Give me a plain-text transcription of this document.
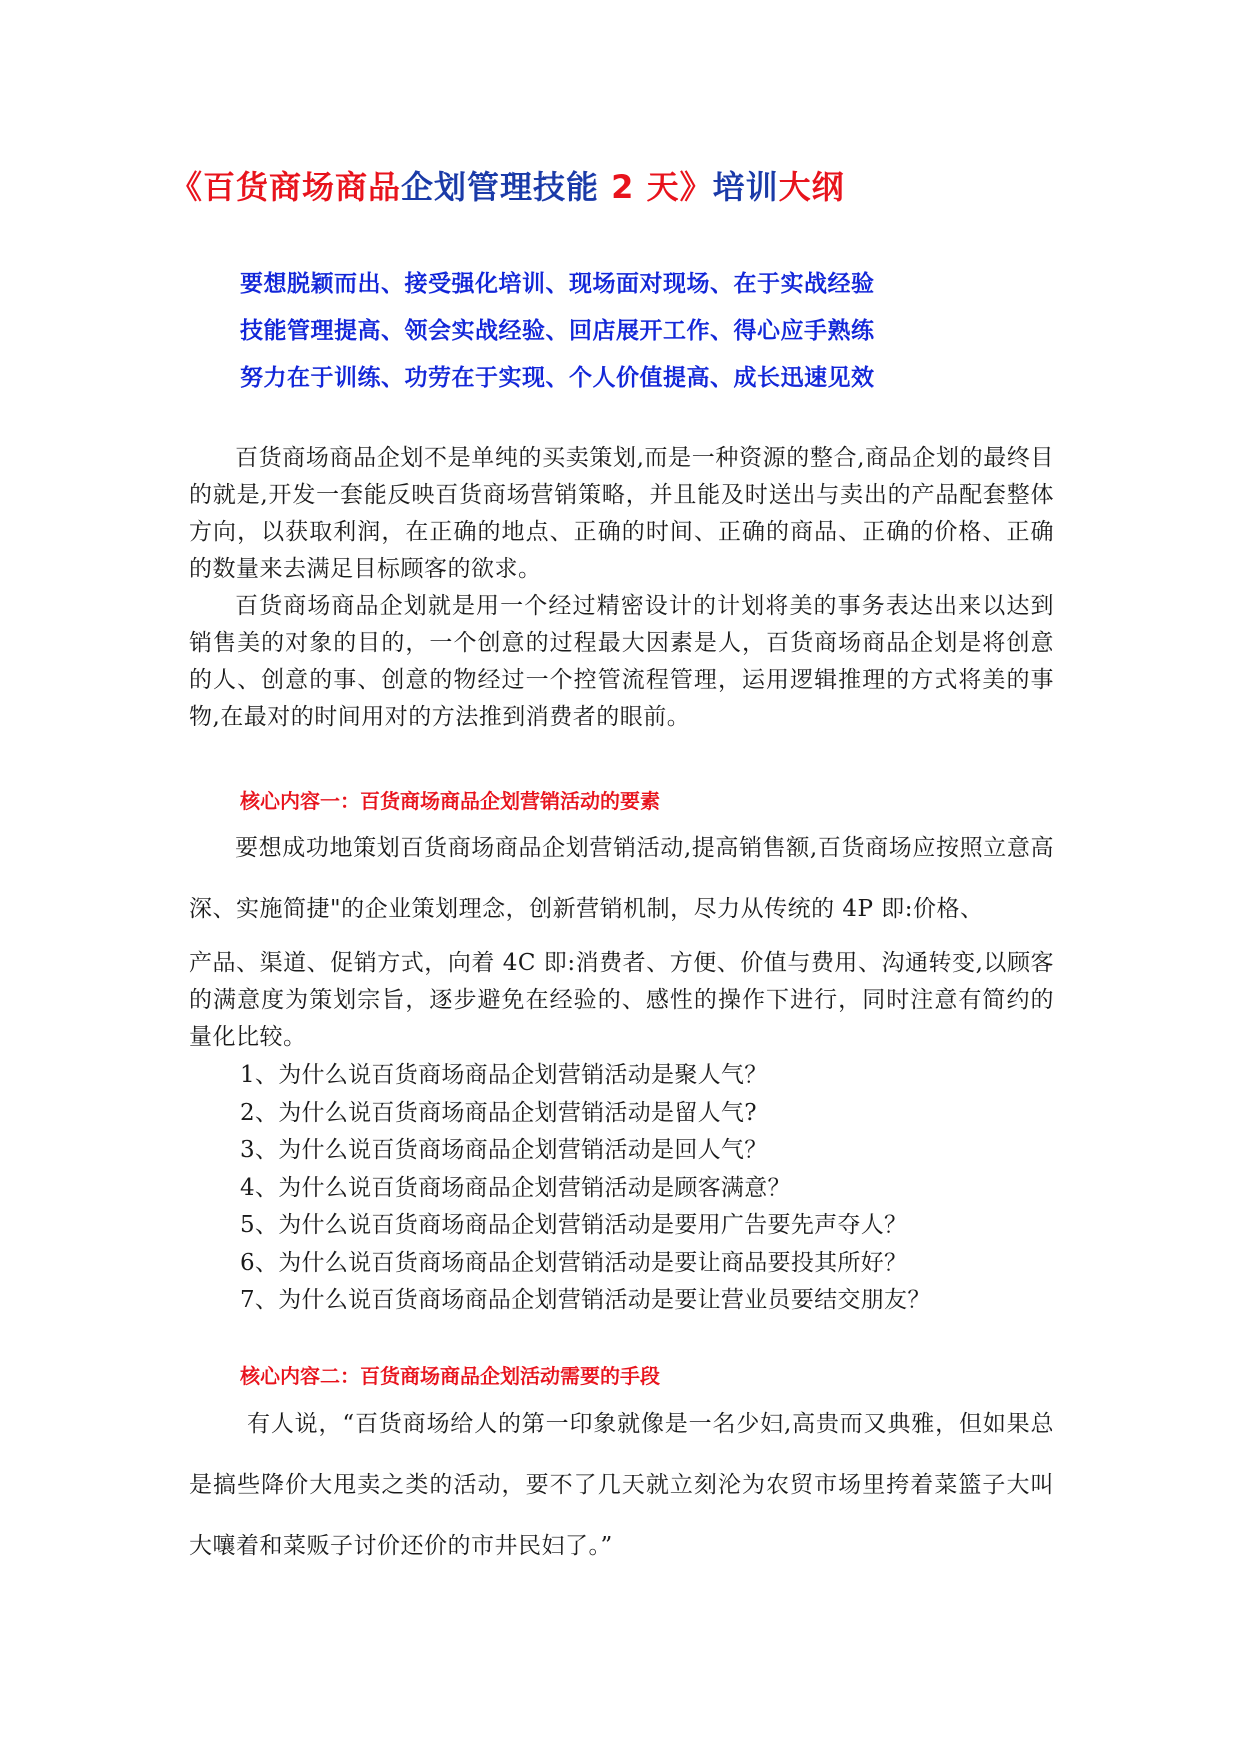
《百货商场商品企划管理技能 2 天》培训大纲
要想脱颖而出、接受强化培训、现场面对现场、在于实战经验
技能管理提高、领会实战经验、回店展开工作、得心应手熟练
努力在于训练、功劳在于实现、个人价值提高、成长迅速见效

百货商场商品企划不是单纯的买卖策划,而是一种资源的整合,商品企划的最终目的就是,开发一套能反映百货商场营销策略，并且能及时送出与卖出的产品配套整体方向，以获取利润，在正确的地点、正确的时间、正确的商品、正确的价格、正确的数量来去满足目标顾客的欲求。

百货商场商品企划就是用一个经过精密设计的计划将美的事务表达出来以达到销售美的对象的目的，一个创意的过程最大因素是人，百货商场商品企划是将创意的人、创意的事、创意的物经过一个控管流程管理，运用逻辑推理的方式将美的事物,在最对的时间用对的方法推到消费者的眼前。

核心内容一：百货商场商品企划营销活动的要素

要想成功地策划百货商场商品企划营销活动,提高销售额,百货商场应按照立意高深、实施简捷"的企业策划理念，创新营销机制，尽力从传统的 4P 即:价格、

产品、渠道、促销方式，向着 4C 即:消费者、方便、价值与费用、沟通转变,以顾客的满意度为策划宗旨，逐步避免在经验的、感性的操作下进行，同时注意有简约的量化比较。

1、为什么说百货商场商品企划营销活动是聚人气？
2、为什么说百货商场商品企划营销活动是留人气?
3、为什么说百货商场商品企划营销活动是回人气？
4、为什么说百货商场商品企划营销活动是顾客满意？
5、为什么说百货商场商品企划营销活动是要用广告要先声夺人？
6、为什么说百货商场商品企划营销活动是要让商品要投其所好？
7、为什么说百货商场商品企划营销活动是要让营业员要结交朋友？
核心内容二：百货商场商品企划活动需要的手段

有人说，“百货商场给人的第一印象就像是一名少妇,高贵而又典雅，但如果总是搞些降价大甩卖之类的活动，要不了几天就立刻沦为农贸市场里挎着菜篮子大叫大嚷着和菜贩子讨价还价的市井民妇了。”
